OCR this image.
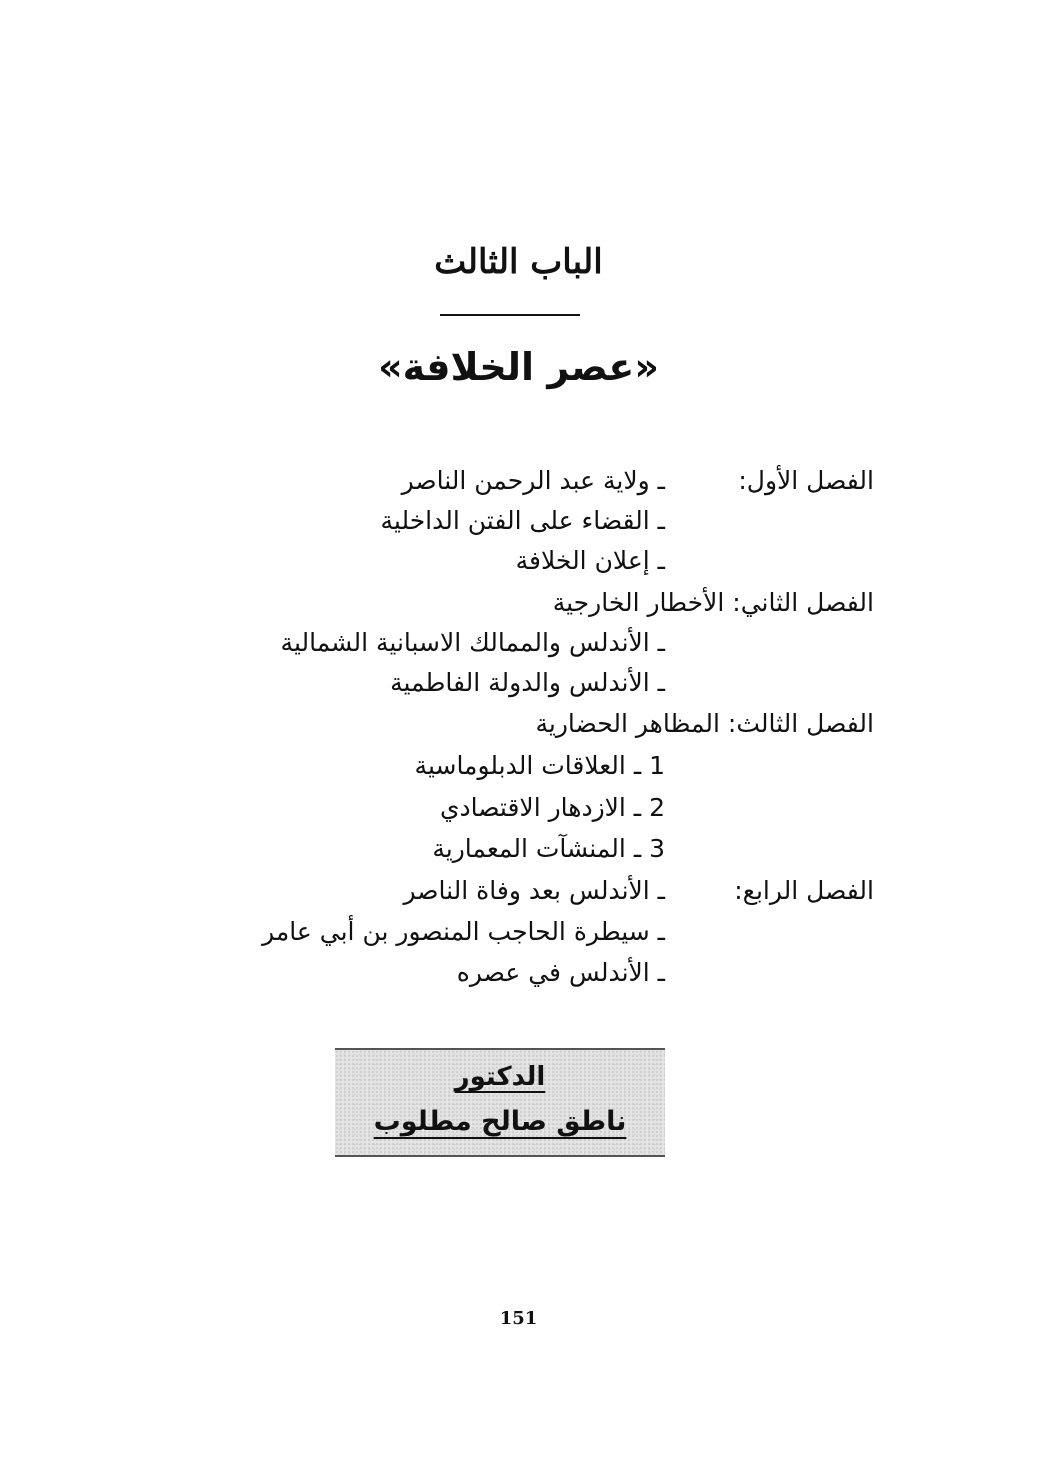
الباب الثالث
«عصر الخلافة»
الفصل الأول:
ـ ولاية عبد الرحمن الناصر
ـ القضاء على الفتن الداخلية
ـ إعلان الخلافة
الفصل الثاني: الأخطار الخارجية
ـ الأندلس والممالك الاسبانية الشمالية
ـ الأندلس والدولة الفاطمية
الفصل الثالث: المظاهر الحضارية
1 ـ العلاقات الدبلوماسية
2 ـ الازدهار الاقتصادي
3 ـ المنشآت المعمارية
الفصل الرابع:
ـ الأندلس بعد وفاة الناصر
ـ سيطرة الحاجب المنصور بن أبي عامر
ـ الأندلس في عصره
الدكتور
ناطق صالح مطلوب
151
